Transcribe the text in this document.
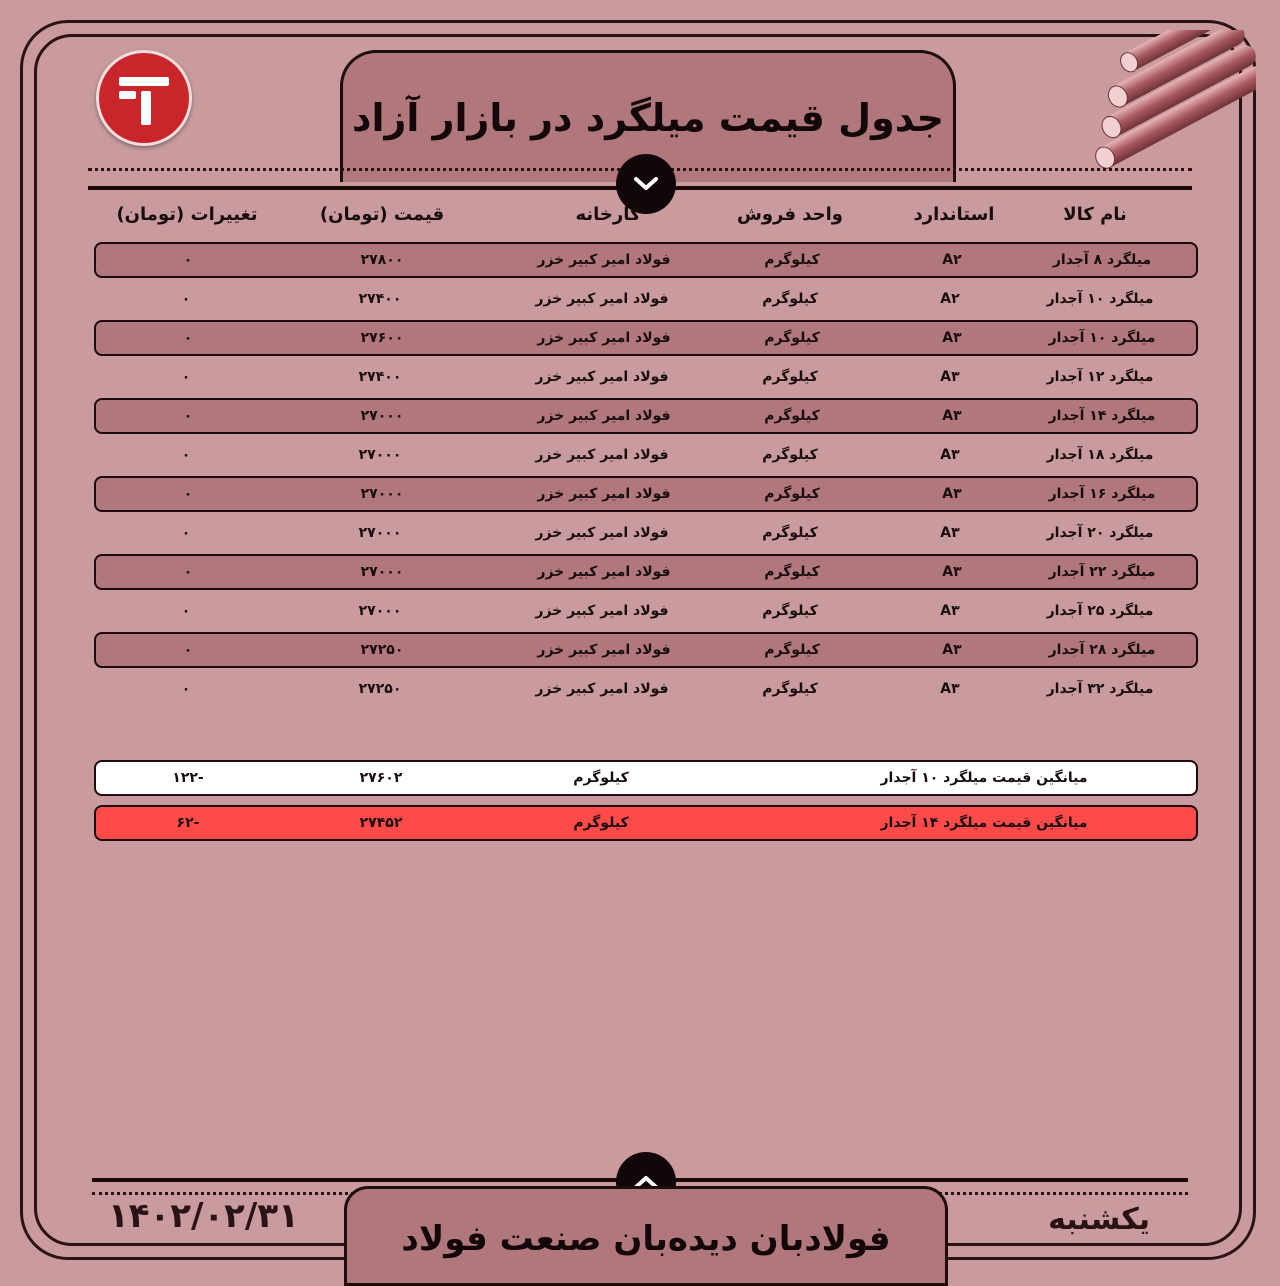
جدول قیمت میلگرد در بازار آزاد
نام کالا
استاندارد
واحد فروش
کارخانه
قیمت (تومان)
تغییرات (تومان)
میلگرد ۸ آجدار
A۲
کیلوگرم
فولاد امیر کبیر خزر
۲۷۸۰۰
۰
میلگرد ۱۰ آجدار
A۲
کیلوگرم
فولاد امیر کبیر خزر
۲۷۴۰۰
۰
میلگرد ۱۰ آجدار
A۳
کیلوگرم
فولاد امیر کبیر خزر
۲۷۶۰۰
۰
میلگرد ۱۲ آجدار
A۳
کیلوگرم
فولاد امیر کبیر خزر
۲۷۴۰۰
۰
میلگرد ۱۴ آجدار
A۳
کیلوگرم
فولاد امیر کبیر خزر
۲۷۰۰۰
۰
میلگرد ۱۸ آجدار
A۳
کیلوگرم
فولاد امیر کبیر خزر
۲۷۰۰۰
۰
میلگرد ۱۶ آجدار
A۳
کیلوگرم
فولاد امیر کبیر خزر
۲۷۰۰۰
۰
میلگرد ۲۰ آجدار
A۳
کیلوگرم
فولاد امیر کبیر خزر
۲۷۰۰۰
۰
میلگرد ۲۲ آجدار
A۳
کیلوگرم
فولاد امیر کبیر خزر
۲۷۰۰۰
۰
میلگرد ۲۵ آجدار
A۳
کیلوگرم
فولاد امیر کبیر خزر
۲۷۰۰۰
۰
میلگرد ۲۸ آجدار
A۳
کیلوگرم
فولاد امیر کبیر خزر
۲۷۲۵۰
۰
میلگرد ۳۲ آجدار
A۳
کیلوگرم
فولاد امیر کبیر خزر
۲۷۲۵۰
۰
میانگین قیمت میلگرد ۱۰ آجدار
کیلوگرم
۲۷۶۰۲
-۱۲۲
میانگین قیمت میلگرد ۱۴ آجدار
کیلوگرم
۲۷۴۵۲
-۶۲
فولادبان دیده‌بان صنعت فولاد
۱۴۰۲/۰۲/۳۱	یکشنبه
